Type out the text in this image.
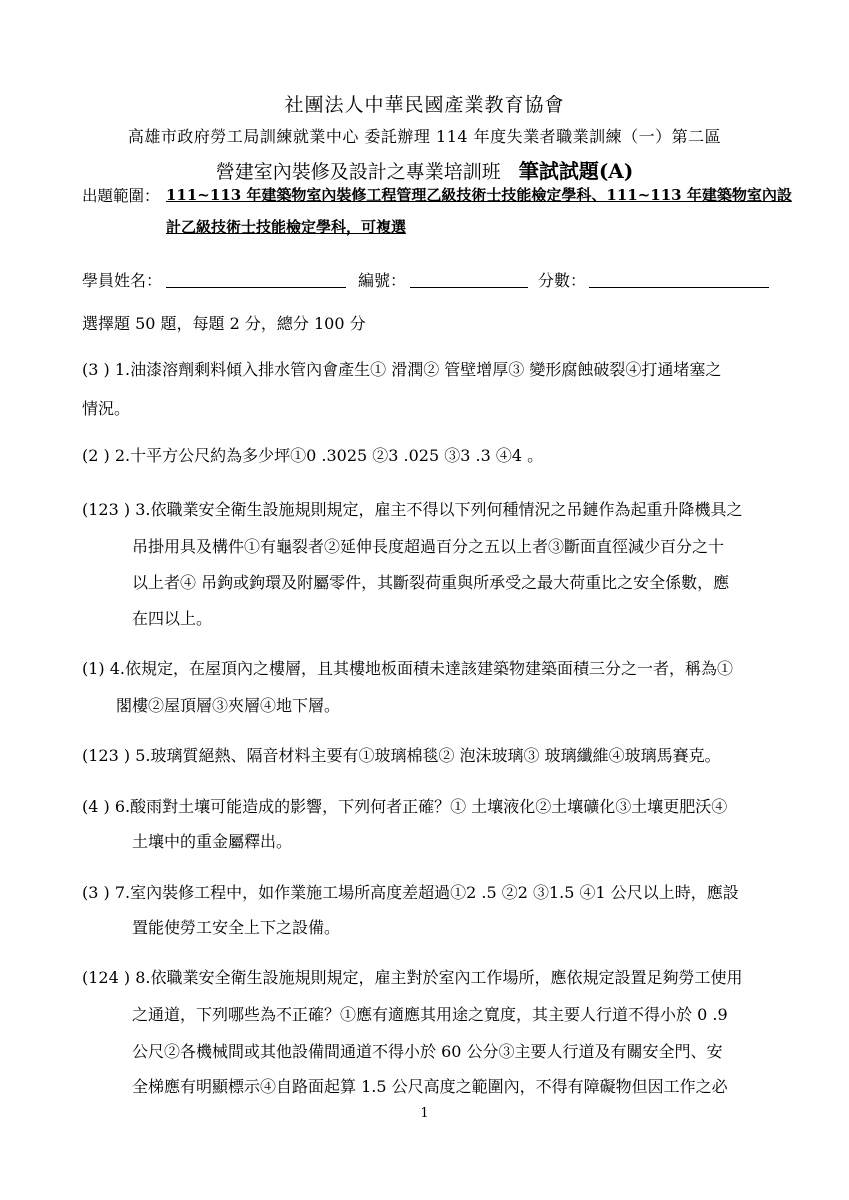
社團法人中華民國產業教育協會
高雄市政府勞工局訓練就業中心 委託辦理 114 年度失業者職業訓練（一）第二區
營建室內裝修及設計之專業培訓班 筆試試題(A)
出題範圍： 111~113 年建築物室內裝修工程管理乙級技術士技能檢定學科、111~113 年建築物室內設
計乙級技術士技能檢定學科，可複選
學員姓名：	編號：	分數：
選擇題 50 題，每題 2 分，總分 100 分
(3 ) 1.油漆溶劑剩料傾入排水管內會產生① 滑潤② 管壁增厚③ 變形腐蝕破裂④打通堵塞之
情況。
(2 ) 2.十平方公尺約為多少坪①0 .3025 ②3 .025 ③3 .3 ④4 。
(123 ) 3.依職業安全衛生設施規則規定，雇主不得以下列何種情況之吊鏈作為起重升降機具之
吊掛用具及構件①有龜裂者②延伸長度超過百分之五以上者③斷面直徑減少百分之十
以上者④ 吊鉤或鉤環及附屬零件，其斷裂荷重與所承受之最大荷重比之安全係數，應
在四以上。
(1) 4.依規定，在屋頂內之樓層，且其樓地板面積未達該建築物建築面積三分之一者，稱為①
閣樓②屋頂層③夾層④地下層。
(123 ) 5.玻璃質絕熱、隔音材料主要有①玻璃棉毯② 泡沫玻璃③ 玻璃纖維④玻璃馬賽克。
(4 ) 6.酸雨對土壤可能造成的影響，下列何者正確？① 土壤液化②土壤礦化③土壤更肥沃④
土壤中的重金屬釋出。
(3 ) 7.室內裝修工程中，如作業施工場所高度差超過①2 .5 ②2 ③1.5 ④1 公尺以上時，應設
置能使勞工安全上下之設備。
(124 ) 8.依職業安全衛生設施規則規定，雇主對於室內工作場所，應依規定設置足夠勞工使用
之通道，下列哪些為不正確？①應有適應其用途之寬度，其主要人行道不得小於 0 .9
公尺②各機械間或其他設備間通道不得小於 60 公分③主要人行道及有關安全門、安
全梯應有明顯標示④自路面起算 1.5 公尺高度之範圍內，不得有障礙物但因工作之必
1
